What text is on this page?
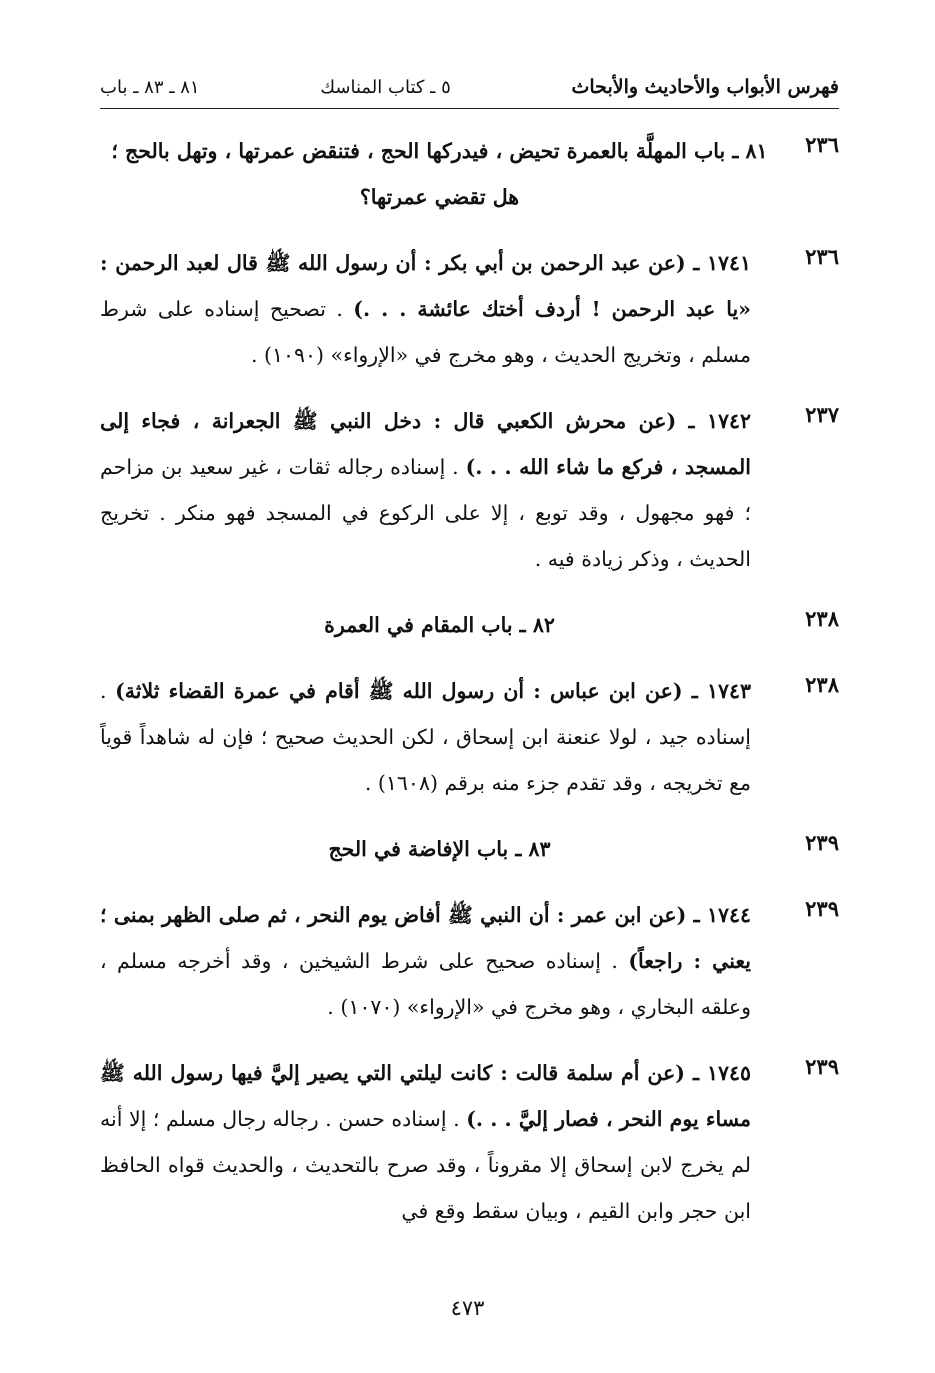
فهرس الأبواب والأحاديث والأبحاث
٥ ـ كتاب المناسك
٨١ ـ ٨٣ ـ باب
٢٣٦
٨١ ـ باب المهلَّة بالعمرة تحيض ، فيدركها الحج ، فتنقض عمرتها ، وتهل بالحج ؛ هل تقضي عمرتها؟
٢٣٦
١٧٤١ ـ (عن عبد الرحمن بن أبي بكر : أن رسول الله ﷺ قال لعبد الرحمن : «يا عبد الرحمن ! أردف أختك عائشة . . .) . تصحيح إسناده على شرط مسلم ، وتخريج الحديث ، وهو مخرج في «الإرواء» (١٠٩٠) .
٢٣٧
١٧٤٢ ـ (عن محرش الكعبي قال : دخل النبي ﷺ الجعرانة ، فجاء إلى المسجد ، فركع ما شاء الله . . .) . إسناده رجاله ثقات ، غير سعيد بن مزاحم ؛ فهو مجهول ، وقد توبع ، إلا على الركوع في المسجد فهو منكر . تخريج الحديث ، وذكر زيادة فيه .
٢٣٨
٨٢ ـ باب المقام في العمرة
٢٣٨
١٧٤٣ ـ (عن ابن عباس : أن رسول الله ﷺ أقام في عمرة القضاء ثلاثة) . إسناده جيد ، لولا عنعنة ابن إسحاق ، لكن الحديث صحيح ؛ فإن له شاهداً قوياً مع تخريجه ، وقد تقدم جزء منه برقم (١٦٠٨) .
٢٣٩
٨٣ ـ باب الإفاضة في الحج
٢٣٩
١٧٤٤ ـ (عن ابن عمر : أن النبي ﷺ أفاض يوم النحر ، ثم صلى الظهر بمنى ؛ يعني : راجعاً) . إسناده صحيح على شرط الشيخين ، وقد أخرجه مسلم ، وعلقه البخاري ، وهو مخرج في «الإرواء» (١٠٧٠) .
٢٣٩
١٧٤٥ ـ (عن أم سلمة قالت : كانت ليلتي التي يصير إليَّ فيها رسول الله ﷺ مساء يوم النحر ، فصار إليَّ . . .) . إسناده حسن . رجاله رجال مسلم ؛ إلا أنه لم يخرج لابن إسحاق إلا مقروناً ، وقد صرح بالتحديث ، والحديث قواه الحافظ ابن حجر وابن القيم ، وبيان سقط وقع في
٤٧٣
